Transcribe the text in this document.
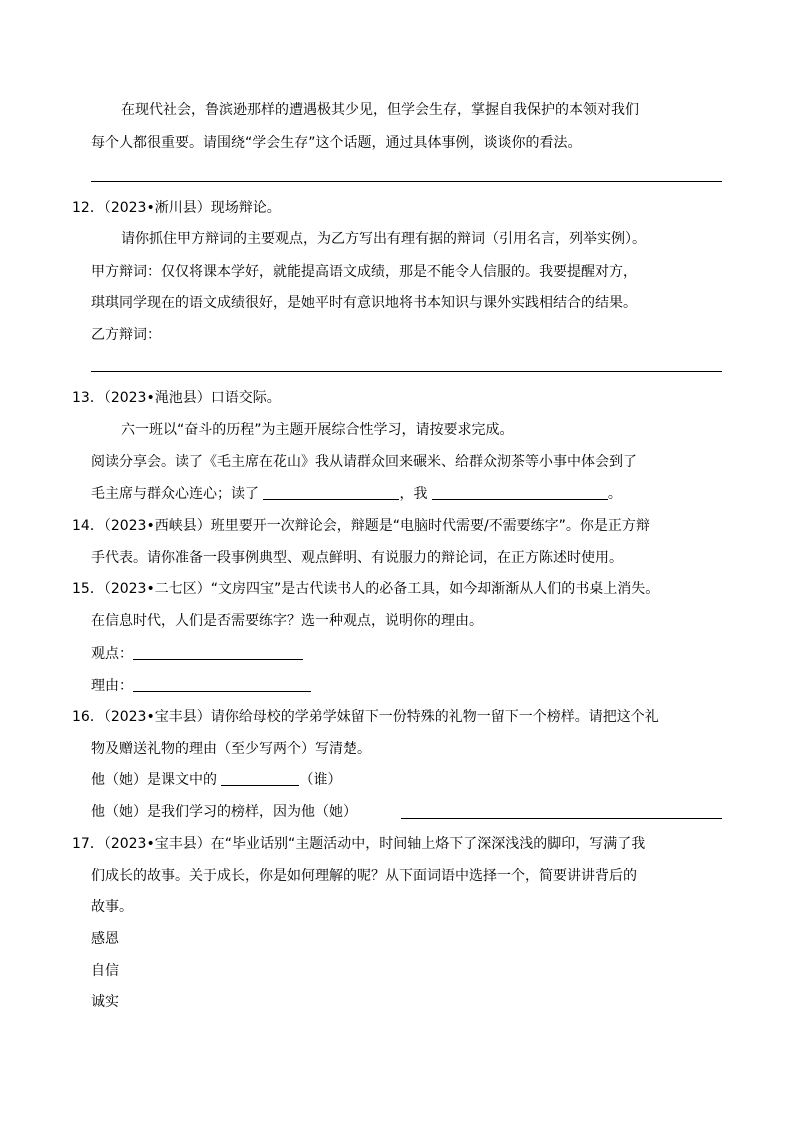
在现代社会，鲁滨逊那样的遭遇极其少见，但学会生存，掌握自我保护的本领对我们
每个人都很重要。请围绕“学会生存”这个话题，通过具体事例，谈谈你的看法。
12．（2023•淅川县）现场辩论。
请你抓住甲方辩词的主要观点，为乙方写出有理有据的辩词（引用名言，列举实例）。
甲方辩词：仅仅将课本学好，就能提高语文成绩，那是不能令人信服的。我要提醒对方，
琪琪同学现在的语文成绩很好，是她平时有意识地将书本知识与课外实践相结合的结果。
乙方辩词：
13．（2023•渑池县）口语交际。
六一班以“奋斗的历程”为主题开展综合性学习，请按要求完成。
阅读分享会。读了《毛主席在花山》我从请群众回来碾米、给群众沏茶等小事中体会到了
毛主席与群众心连心；读了	，我	。
14．（2023•西峡县）班里要开一次辩论会，辩题是“电脑时代需要/不需要练字”。你是正方辩
手代表。请你准备一段事例典型、观点鲜明、有说服力的辩论词，在正方陈述时使用。
15．（2023•二七区）“文房四宝”是古代读书人的必备工具，如今却渐渐从人们的书桌上消失。
在信息时代，人们是否需要练字？选一种观点，说明你的理由。
观点：
理由：
16．（2023•宝丰县）请你给母校的学弟学妹留下一份特殊的礼物一留下一个榜样。请把这个礼
物及赠送礼物的理由（至少写两个）写清楚。
他（她）是课文中的	（谁）
他（她）是我们学习的榜样，因为他（她）
17．（2023•宝丰县）在“毕业话别“主题活动中，时间轴上烙下了深深浅浅的脚印，写满了我
们成长的故事。关于成长，你是如何理解的呢？从下面词语中选择一个，简要讲讲背后的
故事。
感恩
自信
诚实
